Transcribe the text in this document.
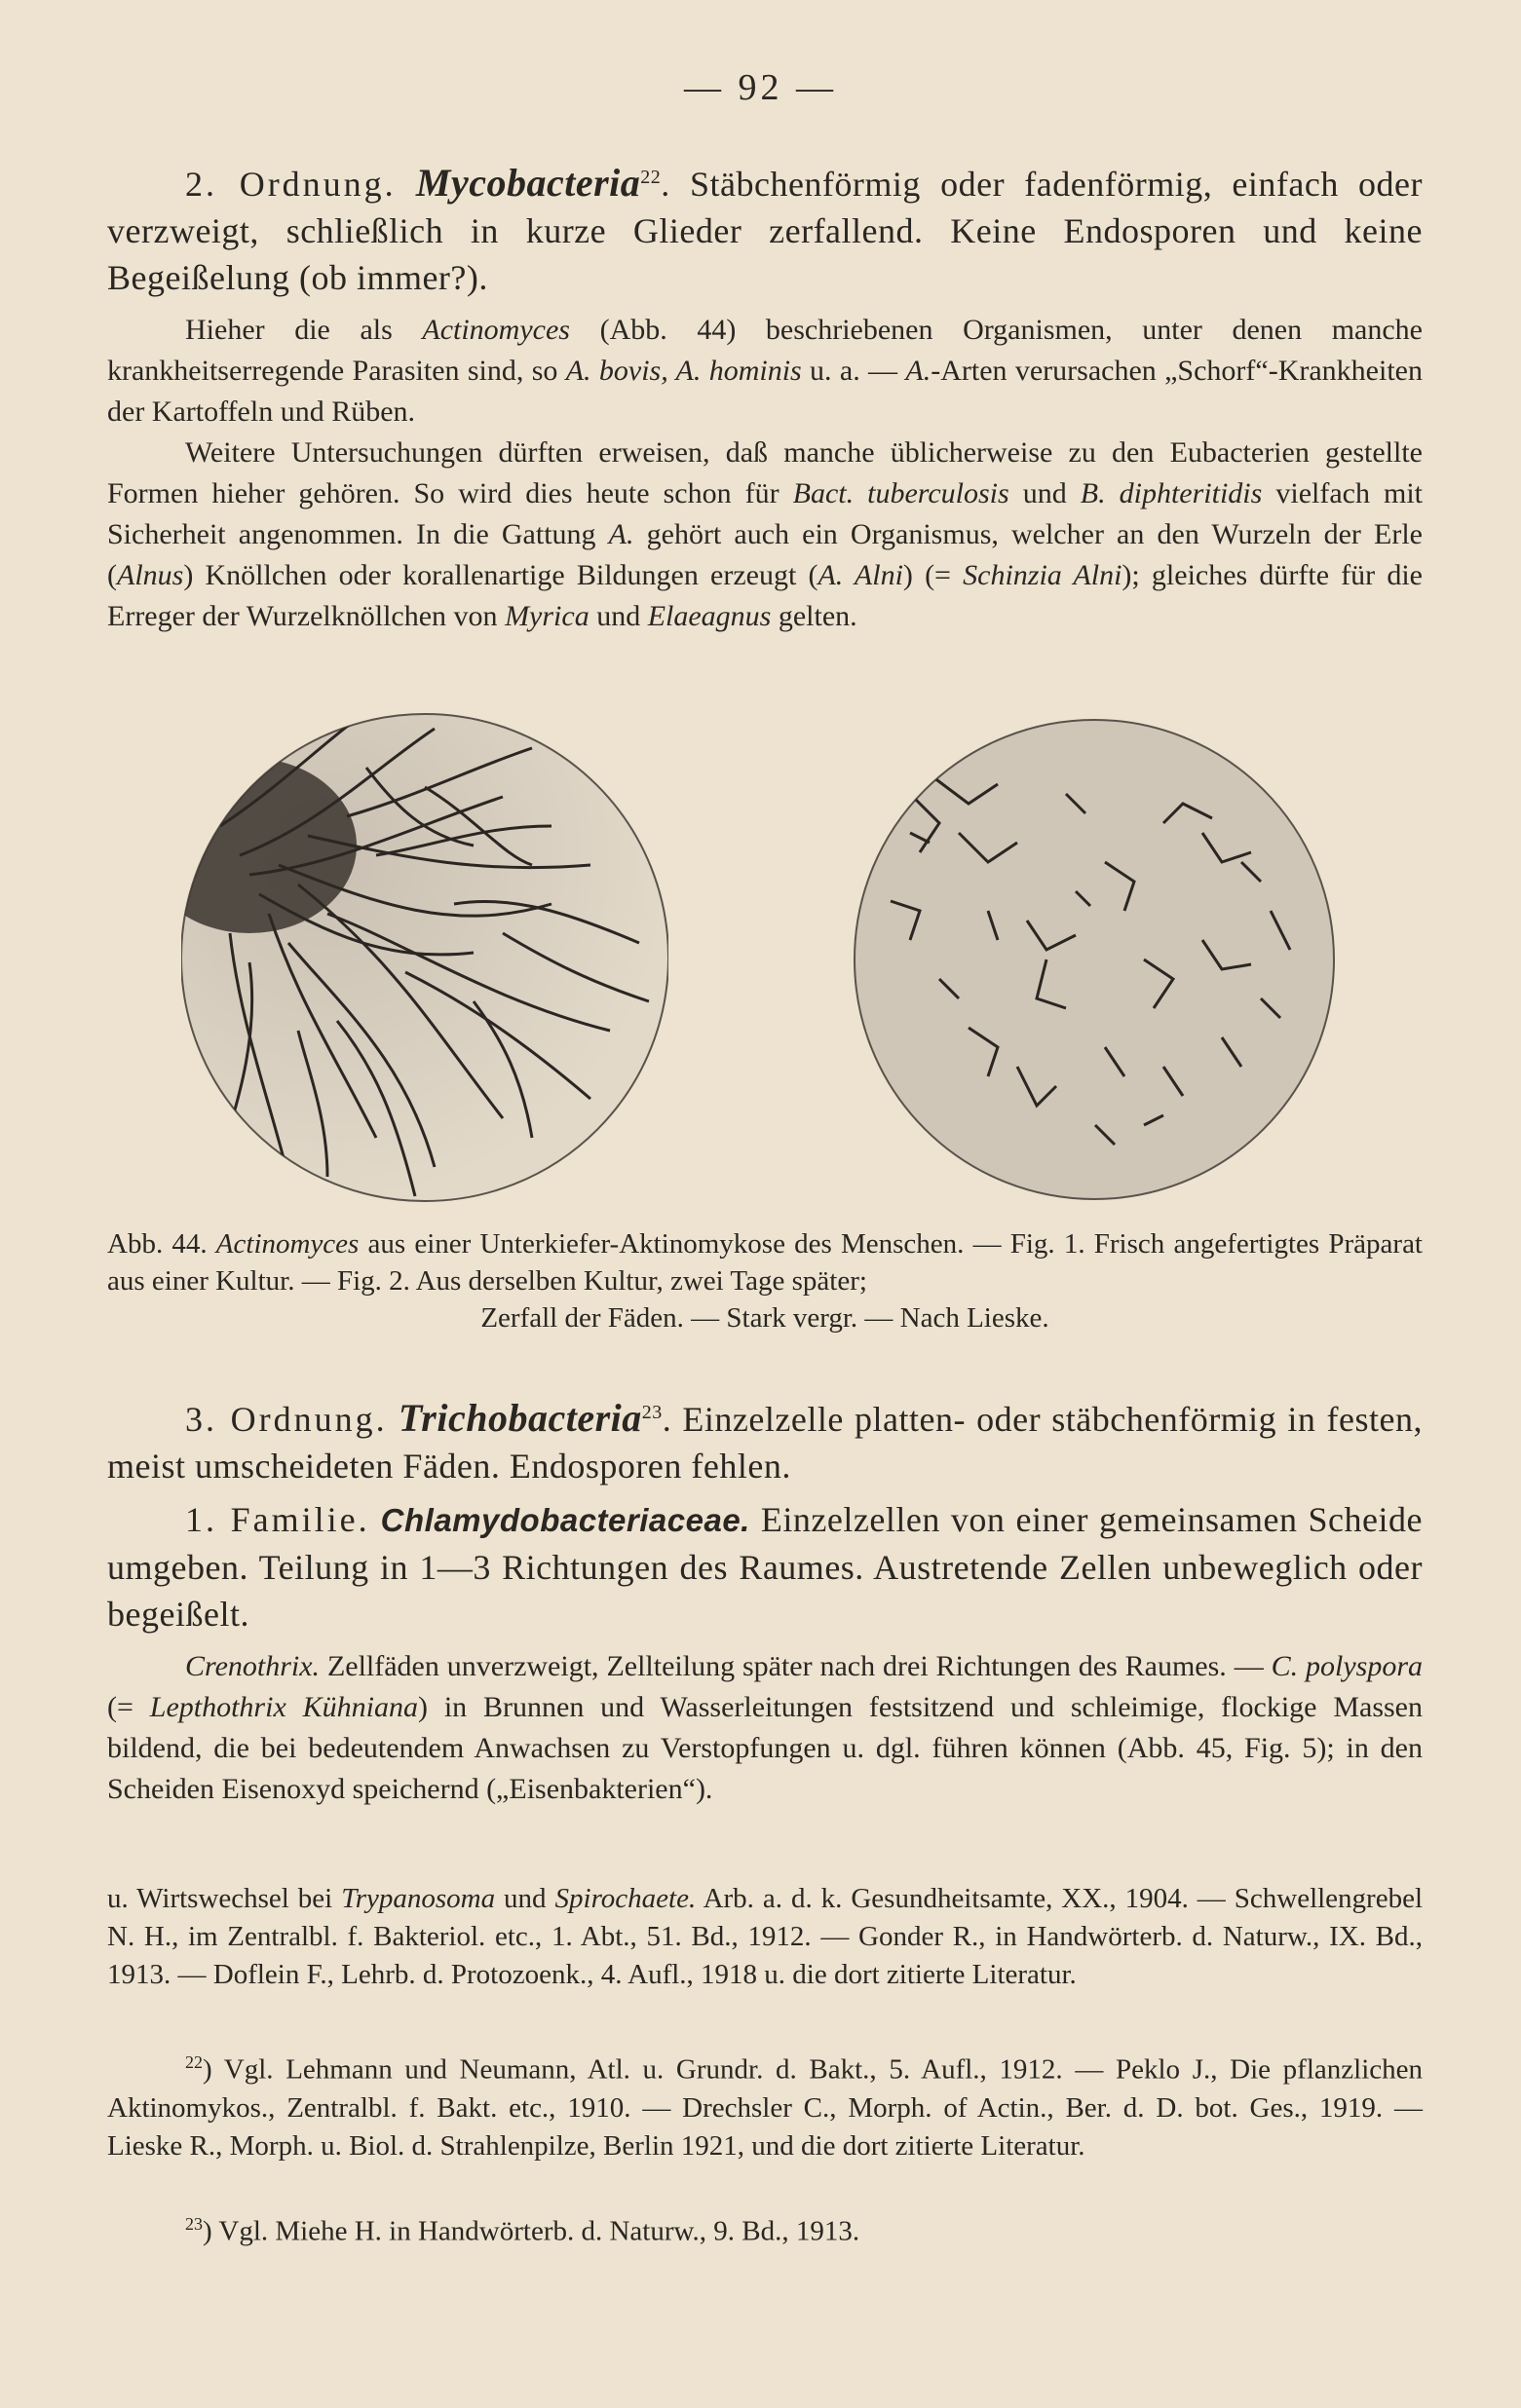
— 92 —
2. Ordnung. Mycobacteria$^{22}$. Stäbchenförmig oder fadenförmig, einfach oder verzweigt, schließlich in kurze Glieder zerfallend. Keine Endosporen und keine Begeißelung (ob immer?).
Hieher die als Actinomyces (Abb. 44) beschriebenen Organismen, unter denen manche krankheitserregende Parasiten sind, so A. bovis, A. hominis u. a. — A.-Arten verursachen „Schorf“-Krankheiten der Kartoffeln und Rüben.
Weitere Untersuchungen dürften erweisen, daß manche üblicherweise zu den Eubacterien gestellte Formen hieher gehören. So wird dies heute schon für Bact. tuberculosis und B. diphteritidis vielfach mit Sicherheit angenommen. In die Gattung A. gehört auch ein Organismus, welcher an den Wurzeln der Erle (Alnus) Knöllchen oder korallenartige Bildungen erzeugt (A. Alni) (= Schinzia Alni); gleiches dürfte für die Erreger der Wurzelknöllchen von Myrica und Elaeagnus gelten.
Abb. 44. Actinomyces aus einer Unterkiefer-Aktinomykose des Menschen. — Fig. 1. Frisch angefertigtes Präparat aus einer Kultur. — Fig. 2. Aus derselben Kultur, zwei Tage später;
Zerfall der Fäden. — Stark vergr. — Nach Lieske.
3. Ordnung. Trichobacteria$^{23}$. Einzelzelle platten- oder stäbchenförmig in festen, meist umscheideten Fäden. Endosporen fehlen.
1. Familie. Chlamydobacteriaceae. Einzelzellen von einer gemeinsamen Scheide umgeben. Teilung in 1—3 Richtungen des Raumes. Austretende Zellen unbeweglich oder begeißelt.
Crenothrix. Zellfäden unverzweigt, Zellteilung später nach drei Richtungen des Raumes. — C. polyspora (= Lepthothrix Kühniana) in Brunnen und Wasserleitungen festsitzend und schleimige, flockige Massen bildend, die bei bedeutendem Anwachsen zu Verstopfungen u. dgl. führen können (Abb. 45, Fig. 5); in den Scheiden Eisenoxyd speichernd („Eisenbakterien“).
u. Wirtswechsel bei Trypanosoma und Spirochaete. Arb. a. d. k. Gesundheitsamte, XX., 1904. — Schwellengrebel N. H., im Zentralbl. f. Bakteriol. etc., 1. Abt., 51. Bd., 1912. — Gonder R., in Handwörterb. d. Naturw., IX. Bd., 1913. — Doflein F., Lehrb. d. Protozoenk., 4. Aufl., 1918 u. die dort zitierte Literatur.
$^{22}$) Vgl. Lehmann und Neumann, Atl. u. Grundr. d. Bakt., 5. Aufl., 1912. — Peklo J., Die pflanzlichen Aktinomykos., Zentralbl. f. Bakt. etc., 1910. — Drechsler C., Morph. of Actin., Ber. d. D. bot. Ges., 1919. — Lieske R., Morph. u. Biol. d. Strahlenpilze, Berlin 1921, und die dort zitierte Literatur.
$^{23}$) Vgl. Miehe H. in Handwörterb. d. Naturw., 9. Bd., 1913.
